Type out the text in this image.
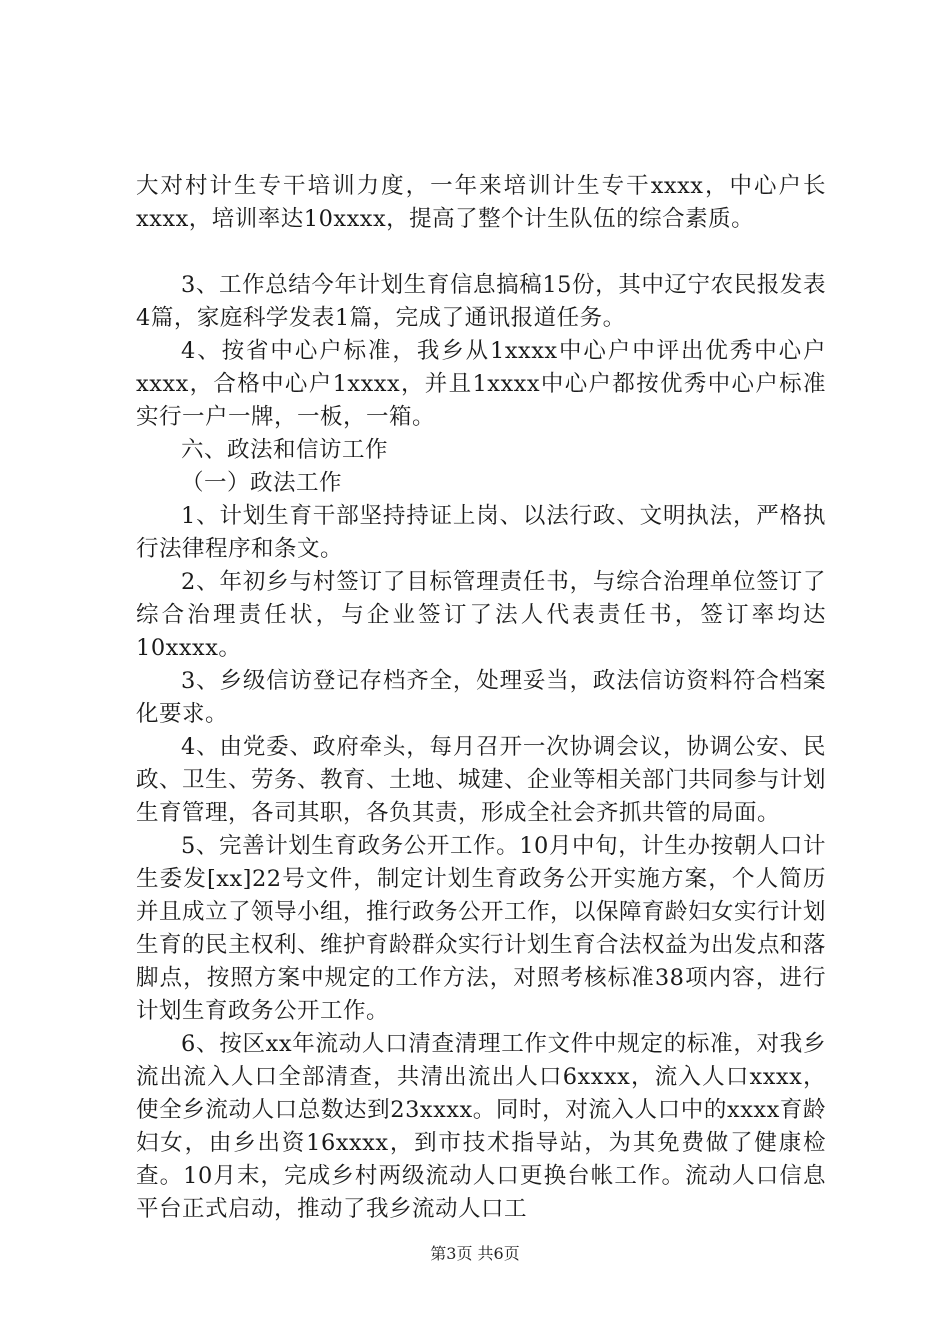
大对村计生专干培训力度，一年来培训计生专干xxxx，中心户长xxxx，培训率达10xxxx，提高了整个计生队伍的综合素质。

3、工作总结今年计划生育信息搞稿15份，其中辽宁农民报发表4篇，家庭科学发表1篇，完成了通讯报道任务。

4、按省中心户标准，我乡从1xxxx中心户中评出优秀中心户xxxx，合格中心户1xxxx，并且1xxxx中心户都按优秀中心户标准实行一户一牌，一板，一箱。

六、政法和信访工作

（一）政法工作

1、计划生育干部坚持持证上岗、以法行政、文明执法，严格执行法律程序和条文。

2、年初乡与村签订了目标管理责任书，与综合治理单位签订了综合治理责任状，与企业签订了法人代表责任书，签订率均达10xxxx。

3、乡级信访登记存档齐全，处理妥当，政法信访资料符合档案化要求。

4、由党委、政府牵头，每月召开一次协调会议，协调公安、民政、卫生、劳务、教育、土地、城建、企业等相关部门共同参与计划生育管理，各司其职，各负其责，形成全社会齐抓共管的局面。

5、完善计划生育政务公开工作。10月中旬，计生办按朝人口计生委发[xx]22号文件，制定计划生育政务公开实施方案，个人简历并且成立了领导小组，推行政务公开工作，以保障育龄妇女实行计划生育的民主权利、维护育龄群众实行计划生育合法权益为出发点和落脚点，按照方案中规定的工作方法，对照考核标准38项内容，进行计划生育政务公开工作。

6、按区xx年流动人口清查清理工作文件中规定的标准，对我乡流出流入人口全部清查，共清出流出人口6xxxx，流入人口xxxx，使全乡流动人口总数达到23xxxx。同时，对流入人口中的xxxx育龄妇女，由乡出资16xxxx，到市技术指导站，为其免费做了健康检查。10月末，完成乡村两级流动人口更换台帐工作。流动人口信息平台正式启动，推动了我乡流动人口工

第3页 共6页
